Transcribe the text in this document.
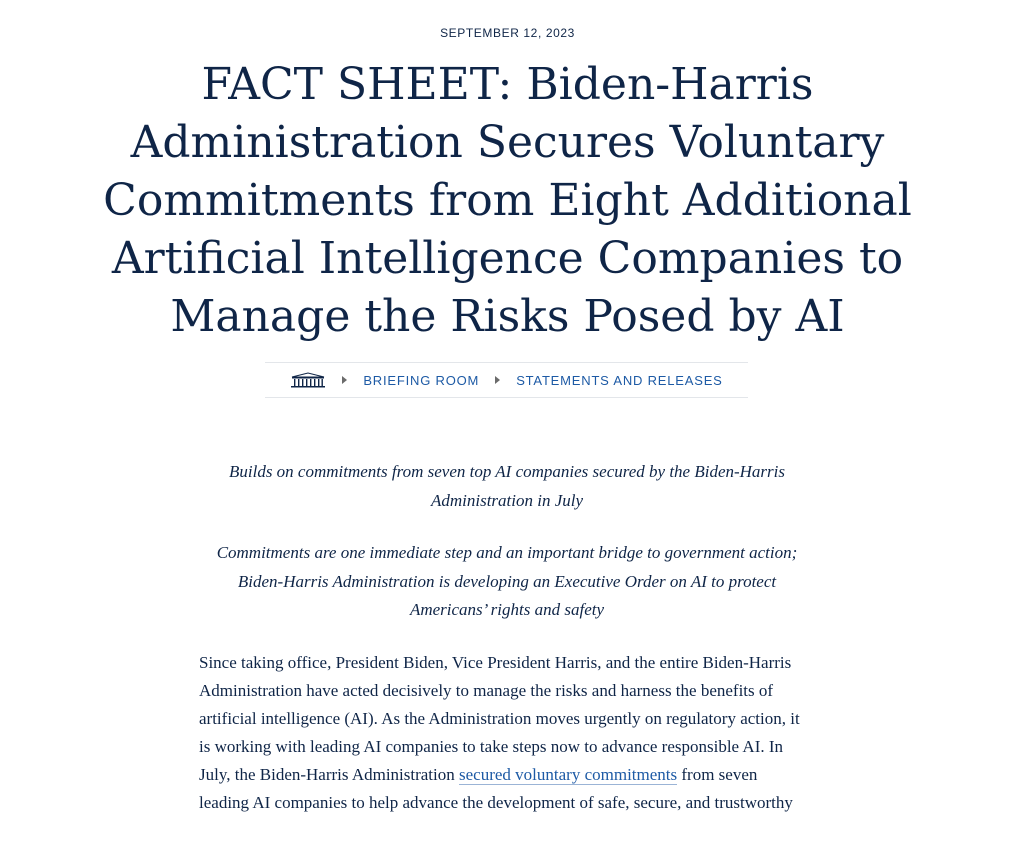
SEPTEMBER 12, 2023
FACT SHEET: Biden-Harris Administration Secures Voluntary Commitments from Eight Additional Artificial Intelligence Companies to Manage the Risks Posed by AI
BRIEFING ROOM	STATEMENTS AND RELEASES

Builds on commitments from seven top AI companies secured by the Biden-Harris Administration in July

Commitments are one immediate step and an important bridge to government action; Biden-Harris Administration is developing an Executive Order on AI to protect Americans’ rights and safety

Since taking office, President Biden, Vice President Harris, and the entire Biden-Harris Administration have acted decisively to manage the risks and harness the benefits of artificial intelligence (AI). As the Administration moves urgently on regulatory action, it is working with leading AI companies to take steps now to advance responsible AI. In July, the Biden-Harris Administration secured voluntary commitments from seven leading AI companies to help advance the development of safe, secure, and trustworthy
